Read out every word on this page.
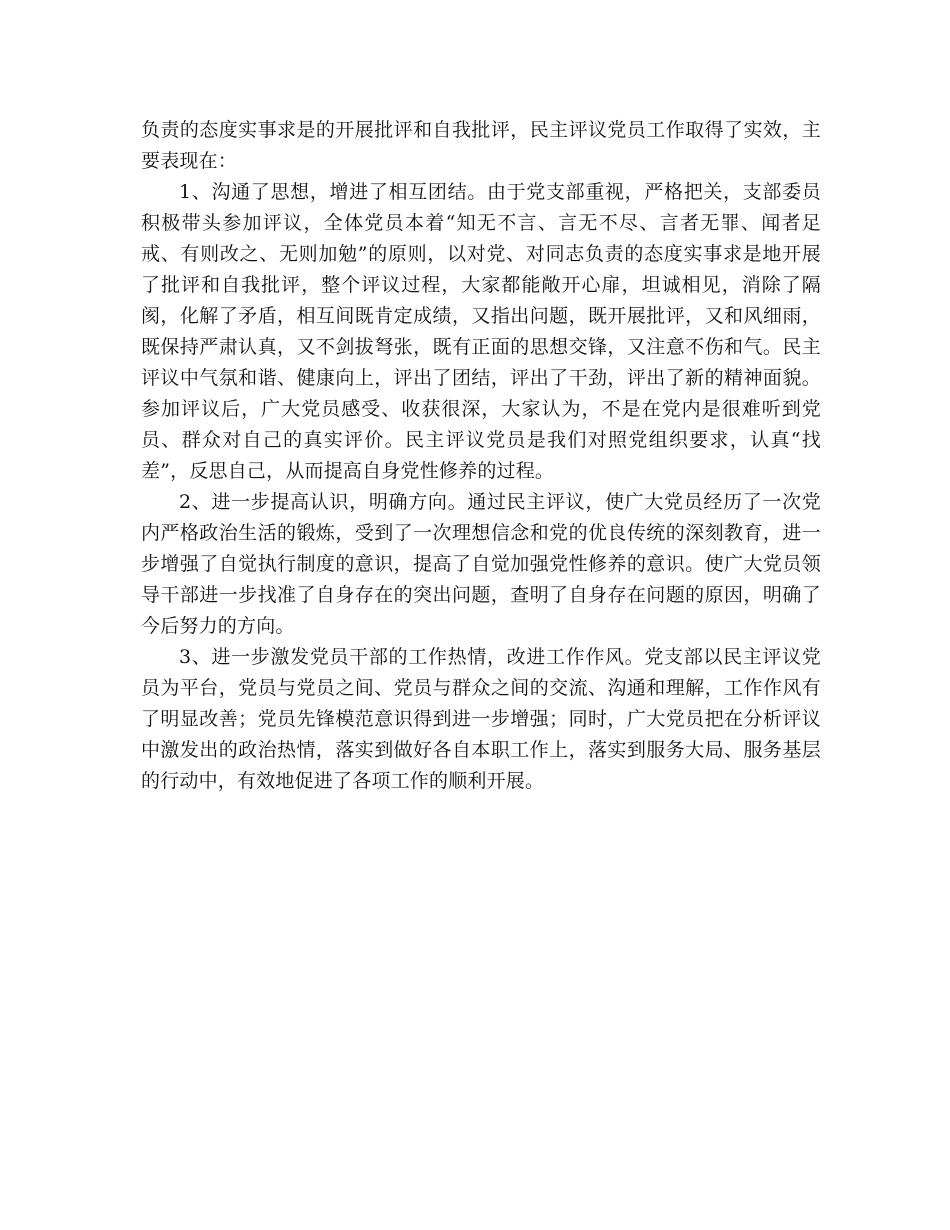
负责的态度实事求是的开展批评和自我批评，民主评议党员工作取得了实效，主要表现在：

1、沟通了思想，增进了相互团结。由于党支部重视，严格把关，支部委员积极带头参加评议，全体党员本着“知无不言、言无不尽、言者无罪、闻者足戒、有则改之、无则加勉”的原则，以对党、对同志负责的态度实事求是地开展了批评和自我批评，整个评议过程，大家都能敞开心扉，坦诚相见，消除了隔阂，化解了矛盾，相互间既肯定成绩，又指出问题，既开展批评，又和风细雨，既保持严肃认真，又不剑拔弩张，既有正面的思想交锋，又注意不伤和气。民主评议中气氛和谐、健康向上，评出了团结，评出了干劲，评出了新的精神面貌。参加评议后，广大党员感受、收获很深，大家认为，不是在党内是很难听到党员、群众对自己的真实评价。民主评议党员是我们对照党组织要求，认真“找差”，反思自己，从而提高自身党性修养的过程。

2、进一步提高认识，明确方向。通过民主评议，使广大党员经历了一次党内严格政治生活的锻炼，受到了一次理想信念和党的优良传统的深刻教育，进一步增强了自觉执行制度的意识，提高了自觉加强党性修养的意识。使广大党员领导干部进一步找准了自身存在的突出问题，查明了自身存在问题的原因，明确了今后努力的方向。

3、进一步激发党员干部的工作热情，改进工作作风。党支部以民主评议党员为平台，党员与党员之间、党员与群众之间的交流、沟通和理解，工作作风有了明显改善；党员先锋模范意识得到进一步增强；同时，广大党员把在分析评议中激发出的政治热情，落实到做好各自本职工作上，落实到服务大局、服务基层的行动中，有效地促进了各项工作的顺利开展。
